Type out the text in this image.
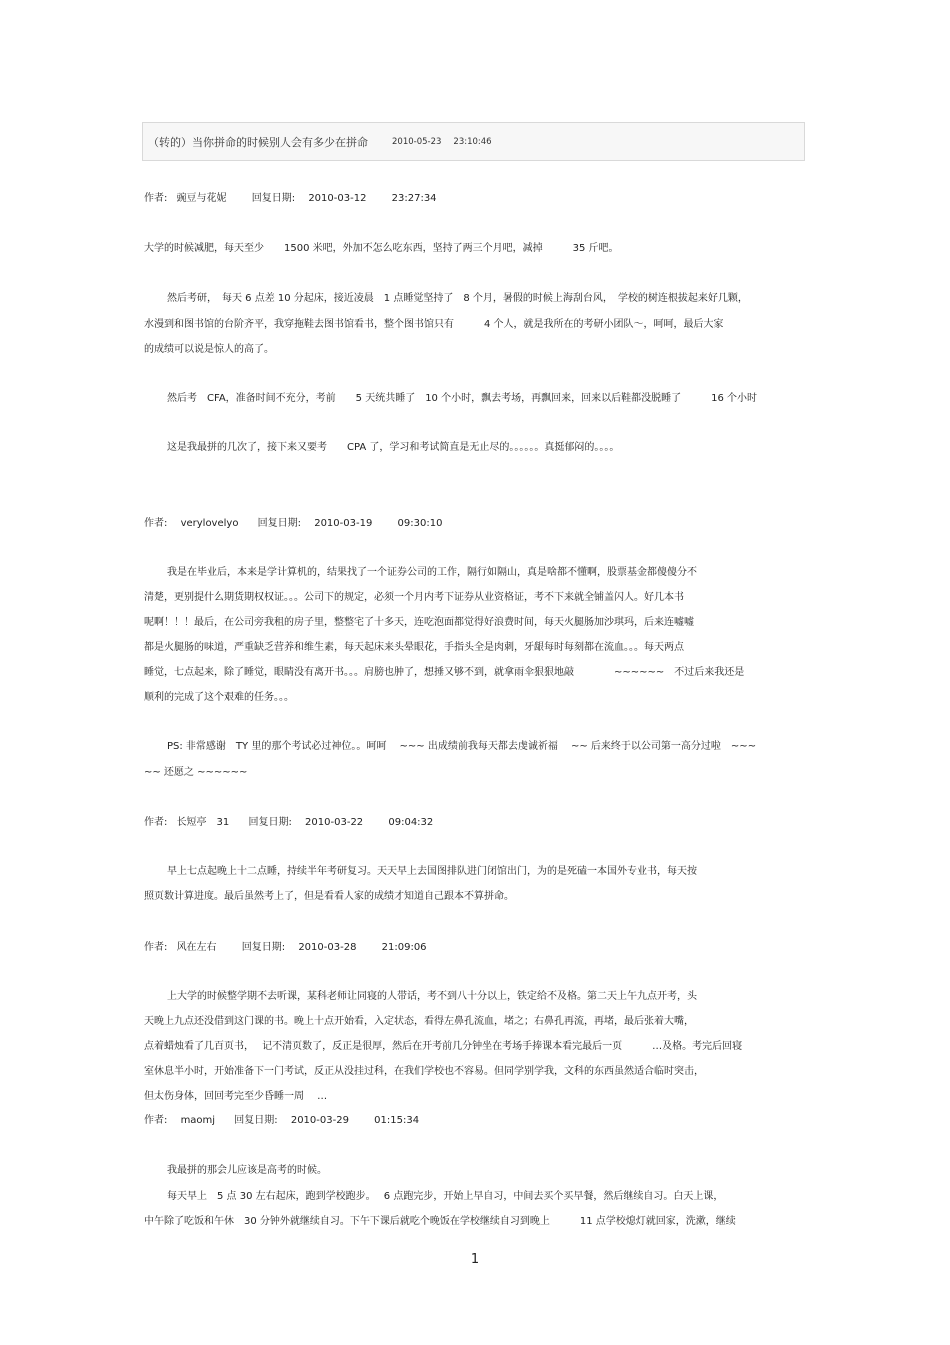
（转的）当你拼命的时候别人会有多少在拼命	2010-05-23 23:10:46
作者: 豌豆与花妮	回复日期: 2010-03-12	23:27:34
大学的时候减肥，每天至少　　1500 米吧，外加不怎么吃东西，坚持了两三个月吧，减掉　　　35 斤吧。
然后考研，　每天 6 点差 10 分起床，接近凌晨　1 点睡觉坚持了　8 个月，暑假的时候上海刮台风，　学校的树连根拔起来好几颗，
水漫到和图书馆的台阶齐平，我穿拖鞋去图书馆看书，整个图书馆只有　　　4 个人，就是我所在的考研小团队～，呵呵，最后大家
的成绩可以说是惊人的高了。
然后考　CFA，准备时间不充分，考前　　5 天统共睡了　10 个小时，飘去考场，再飘回来，回来以后鞋都没脱睡了　　　16 个小时
这是我最拼的几次了，接下来又要考　　CPA 了，学习和考试简直是无止尽的。。。。。。真挺郁闷的。。。。
作者: verylovelyo 回复日期: 2010-03-19	09:30:10
我是在毕业后，本来是学计算机的，结果找了一个证券公司的工作，隔行如隔山，真是啥都不懂啊，股票基金都傻傻分不
清楚，更别提什么期货期权权证。。。公司下的规定，必须一个月内考下证券从业资格证，考不下来就全铺盖闪人。好几本书
呢啊！！！最后，在公司旁我租的房子里，整整宅了十多天，连吃泡面都觉得好浪费时间，每天火腿肠加沙琪玛，后来连嘘嘘
都是火腿肠的味道，严重缺乏营养和维生素，每天起床来头晕眼花，手指头全是肉刺，牙龈每时每刻都在流血。。。每天两点
睡觉，七点起来，除了睡觉，眼睛没有离开书。。。肩膀也肿了，想捶又够不到，就拿雨伞狠狠地敲　　　　~~~~~~　不过后来我还是
顺利的完成了这个艰难的任务。。。
PS: 非常感谢　TY 里的那个考试必过神位。。呵呵　 ~~~ 出成绩前我每天都去虔诚祈福　 ~~ 后来终于以公司第一高分过啦　~~~
~~ 还愿之 ~~~~~~
作者: 长短亭　31 回复日期: 2010-03-22	09:04:32
早上七点起晚上十二点睡，持续半年考研复习。天天早上去国图排队进门闭馆出门，为的是死磕一本国外专业书，每天按
照页数计算进度。最后虽然考上了，但是看看人家的成绩才知道自己跟本不算拼命。
作者: 风在左右	回复日期: 2010-03-28	21:09:06
上大学的时候整学期不去听课，某科老师让同寝的人带话，考不到八十分以上，铁定给不及格。第二天上午九点开考，头
天晚上九点还没借到这门课的书。晚上十点开始看，入定状态，看得左鼻孔流血，堵之；右鼻孔再流，再堵，最后张着大嘴，
点着蜡烛看了几百页书，　 记不清页数了，反正是很厚，然后在开考前几分钟坐在考场手捧课本看完最后一页　　　…及格。考完后回寝
室休息半小时，开始准备下一门考试，反正从没挂过科，在我们学校也不容易。但同学别学我，文科的东西虽然适合临时突击，
但太伤身体，回回考完至少昏睡一周　 …
作者: maomj 回复日期: 2010-03-29	01:15:34
我最拼的那会儿应该是高考的时候。
每天早上　5 点 30 左右起床，跑到学校跑步。　 6 点跑完步，开始上早自习，中间去买个买早餐，然后继续自习。白天上课，
中午除了吃饭和午休　30 分钟外就继续自习。下午下课后就吃个晚饭在学校继续自习到晚上　　　11 点学校熄灯就回家，洗漱，继续
1
